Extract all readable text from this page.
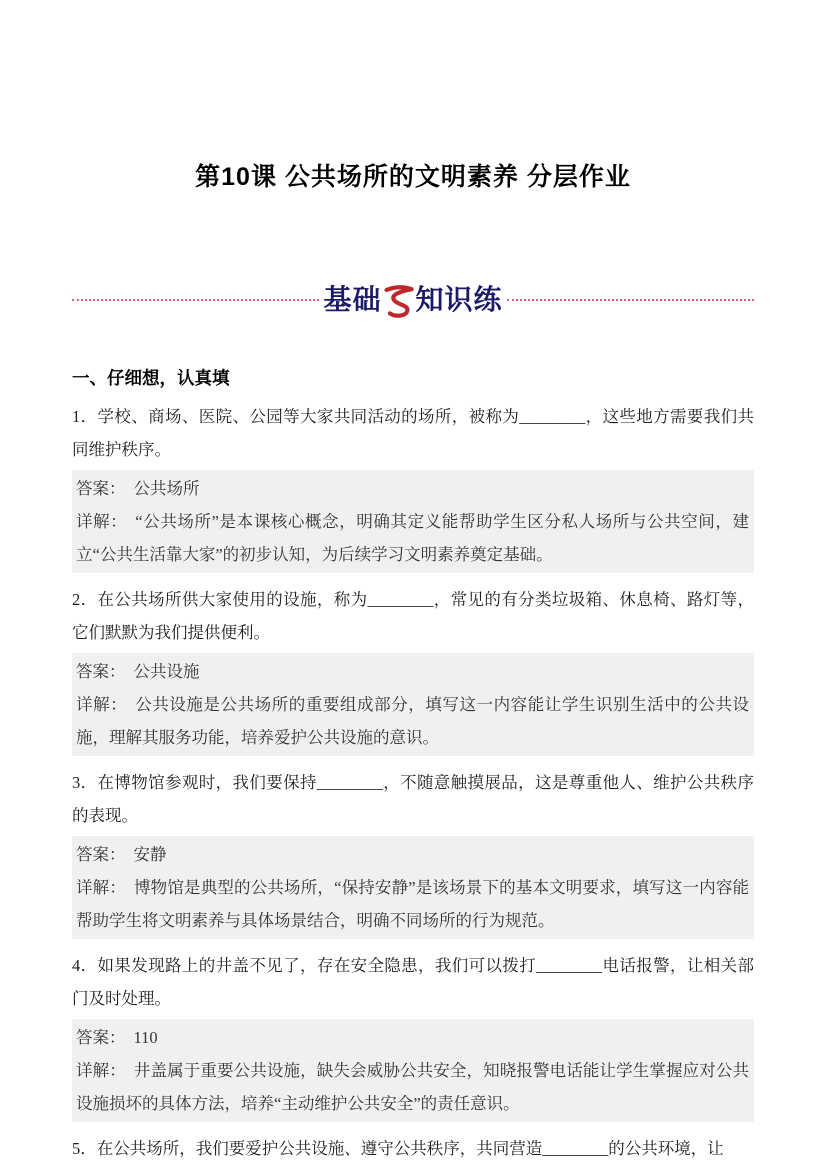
第10课 公共场所的文明素养 分层作业
基础 知识练
一、仔细想，认真填

1．学校、商场、医院、公园等大家共同活动的场所，被称为________，这些地方需要我们共同维护秩序。

答案： 公共场所
详解： “公共场所”是本课核心概念，明确其定义能帮助学生区分私人场所与公共空间，建立“公共生活靠大家”的初步认知，为后续学习文明素养奠定基础。

2．在公共场所供大家使用的设施，称为________，常见的有分类垃圾箱、休息椅、路灯等，它们默默为我们提供便利。

答案： 公共设施
详解： 公共设施是公共场所的重要组成部分，填写这一内容能让学生识别生活中的公共设施，理解其服务功能，培养爱护公共设施的意识。

3．在博物馆参观时，我们要保持________，不随意触摸展品，这是尊重他人、维护公共秩序的表现。

答案： 安静
详解： 博物馆是典型的公共场所，“保持安静”是该场景下的基本文明要求，填写这一内容能帮助学生将文明素养与具体场景结合，明确不同场所的行为规范。

4．如果发现路上的井盖不见了，存在安全隐患，我们可以拨打________电话报警，让相关部门及时处理。

答案： 110
详解： 井盖属于重要公共设施，缺失会威胁公共安全，知晓报警电话能让学生掌握应对公共设施损坏的具体方法，培养“主动维护公共安全”的责任意识。

5．在公共场所，我们要爱护公共设施、遵守公共秩序，共同营造________的公共环境，让
